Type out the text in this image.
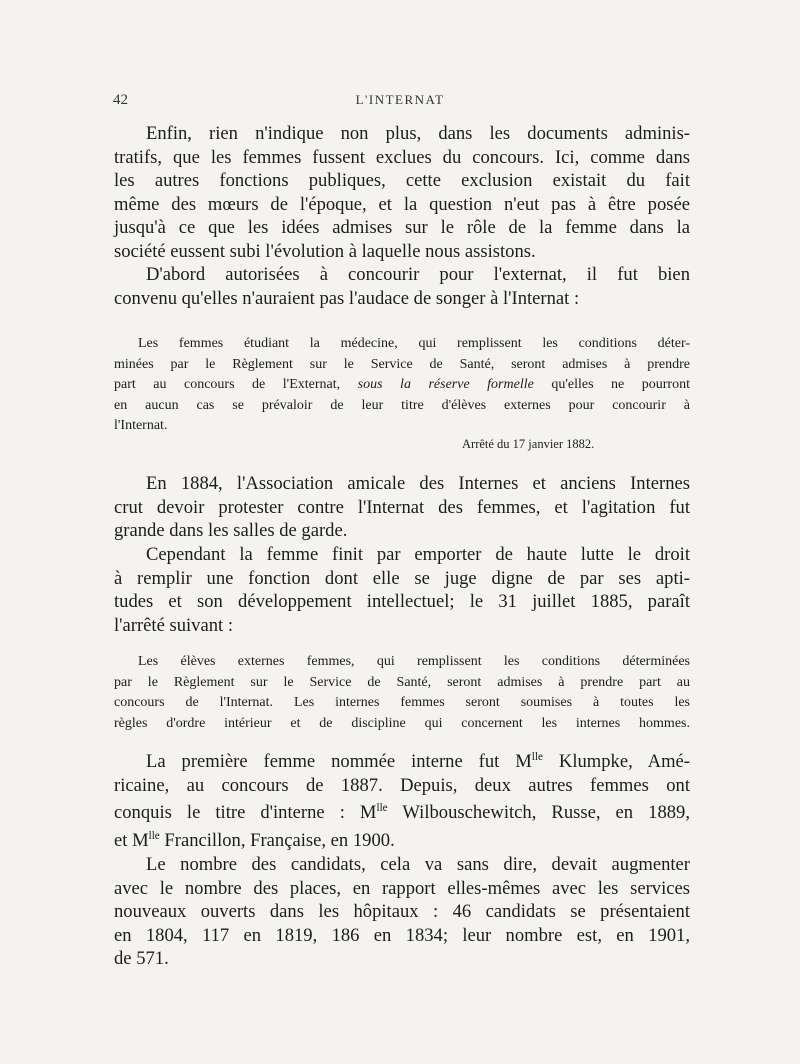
42	L'INTERNAT

Enfin, rien n'indique non plus, dans les documents adminis-
tratifs, que les femmes fussent exclues du concours. Ici, comme dans
les autres fonctions publiques, cette exclusion existait du fait
même des mœurs de l'époque, et la question n'eut pas à être posée
jusqu'à ce que les idées admises sur le rôle de la femme dans la
société eussent subi l'évolution à laquelle nous assistons.

D'abord autorisées à concourir pour l'externat, il fut bien
convenu qu'elles n'auraient pas l'audace de songer à l'Internat :

Les femmes étudiant la médecine, qui remplissent les conditions déter-
minées par le Règlement sur le Service de Santé, seront admises à prendre
part au concours de l'Externat, sous la réserve formelle qu'elles ne pourront
en aucun cas se prévaloir de leur titre d'élèves externes pour concourir à
l'Internat.
Arrêté du 17 janvier 1882.

En 1884, l'Association amicale des Internes et anciens Internes
crut devoir protester contre l'Internat des femmes, et l'agitation fut
grande dans les salles de garde.

Cependant la femme finit par emporter de haute lutte le droit
à remplir une fonction dont elle se juge digne de par ses apti-
tudes et son développement intellectuel; le 31 juillet 1885, paraît
l'arrêté suivant :

Les élèves externes femmes, qui remplissent les conditions déterminées
par le Règlement sur le Service de Santé, seront admises à prendre part au
concours de l'Internat. Les internes femmes seront soumises à toutes les
règles d'ordre intérieur et de discipline qui concernent les internes hommes.

La première femme nommée interne fut $M^{lle}$ Klumpke, Amé-
ricaine, au concours de 1887. Depuis, deux autres femmes ont
conquis le titre d'interne : $M^{lle}$ Wilbouschewitch, Russe, en 1889,
et $M^{lle}$ Francillon, Française, en 1900.

Le nombre des candidats, cela va sans dire, devait augmenter
avec le nombre des places, en rapport elles-mêmes avec les services
nouveaux ouverts dans les hôpitaux : 46 candidats se présentaient
en 1804, 117 en 1819, 186 en 1834; leur nombre est, en 1901,
de 571.
